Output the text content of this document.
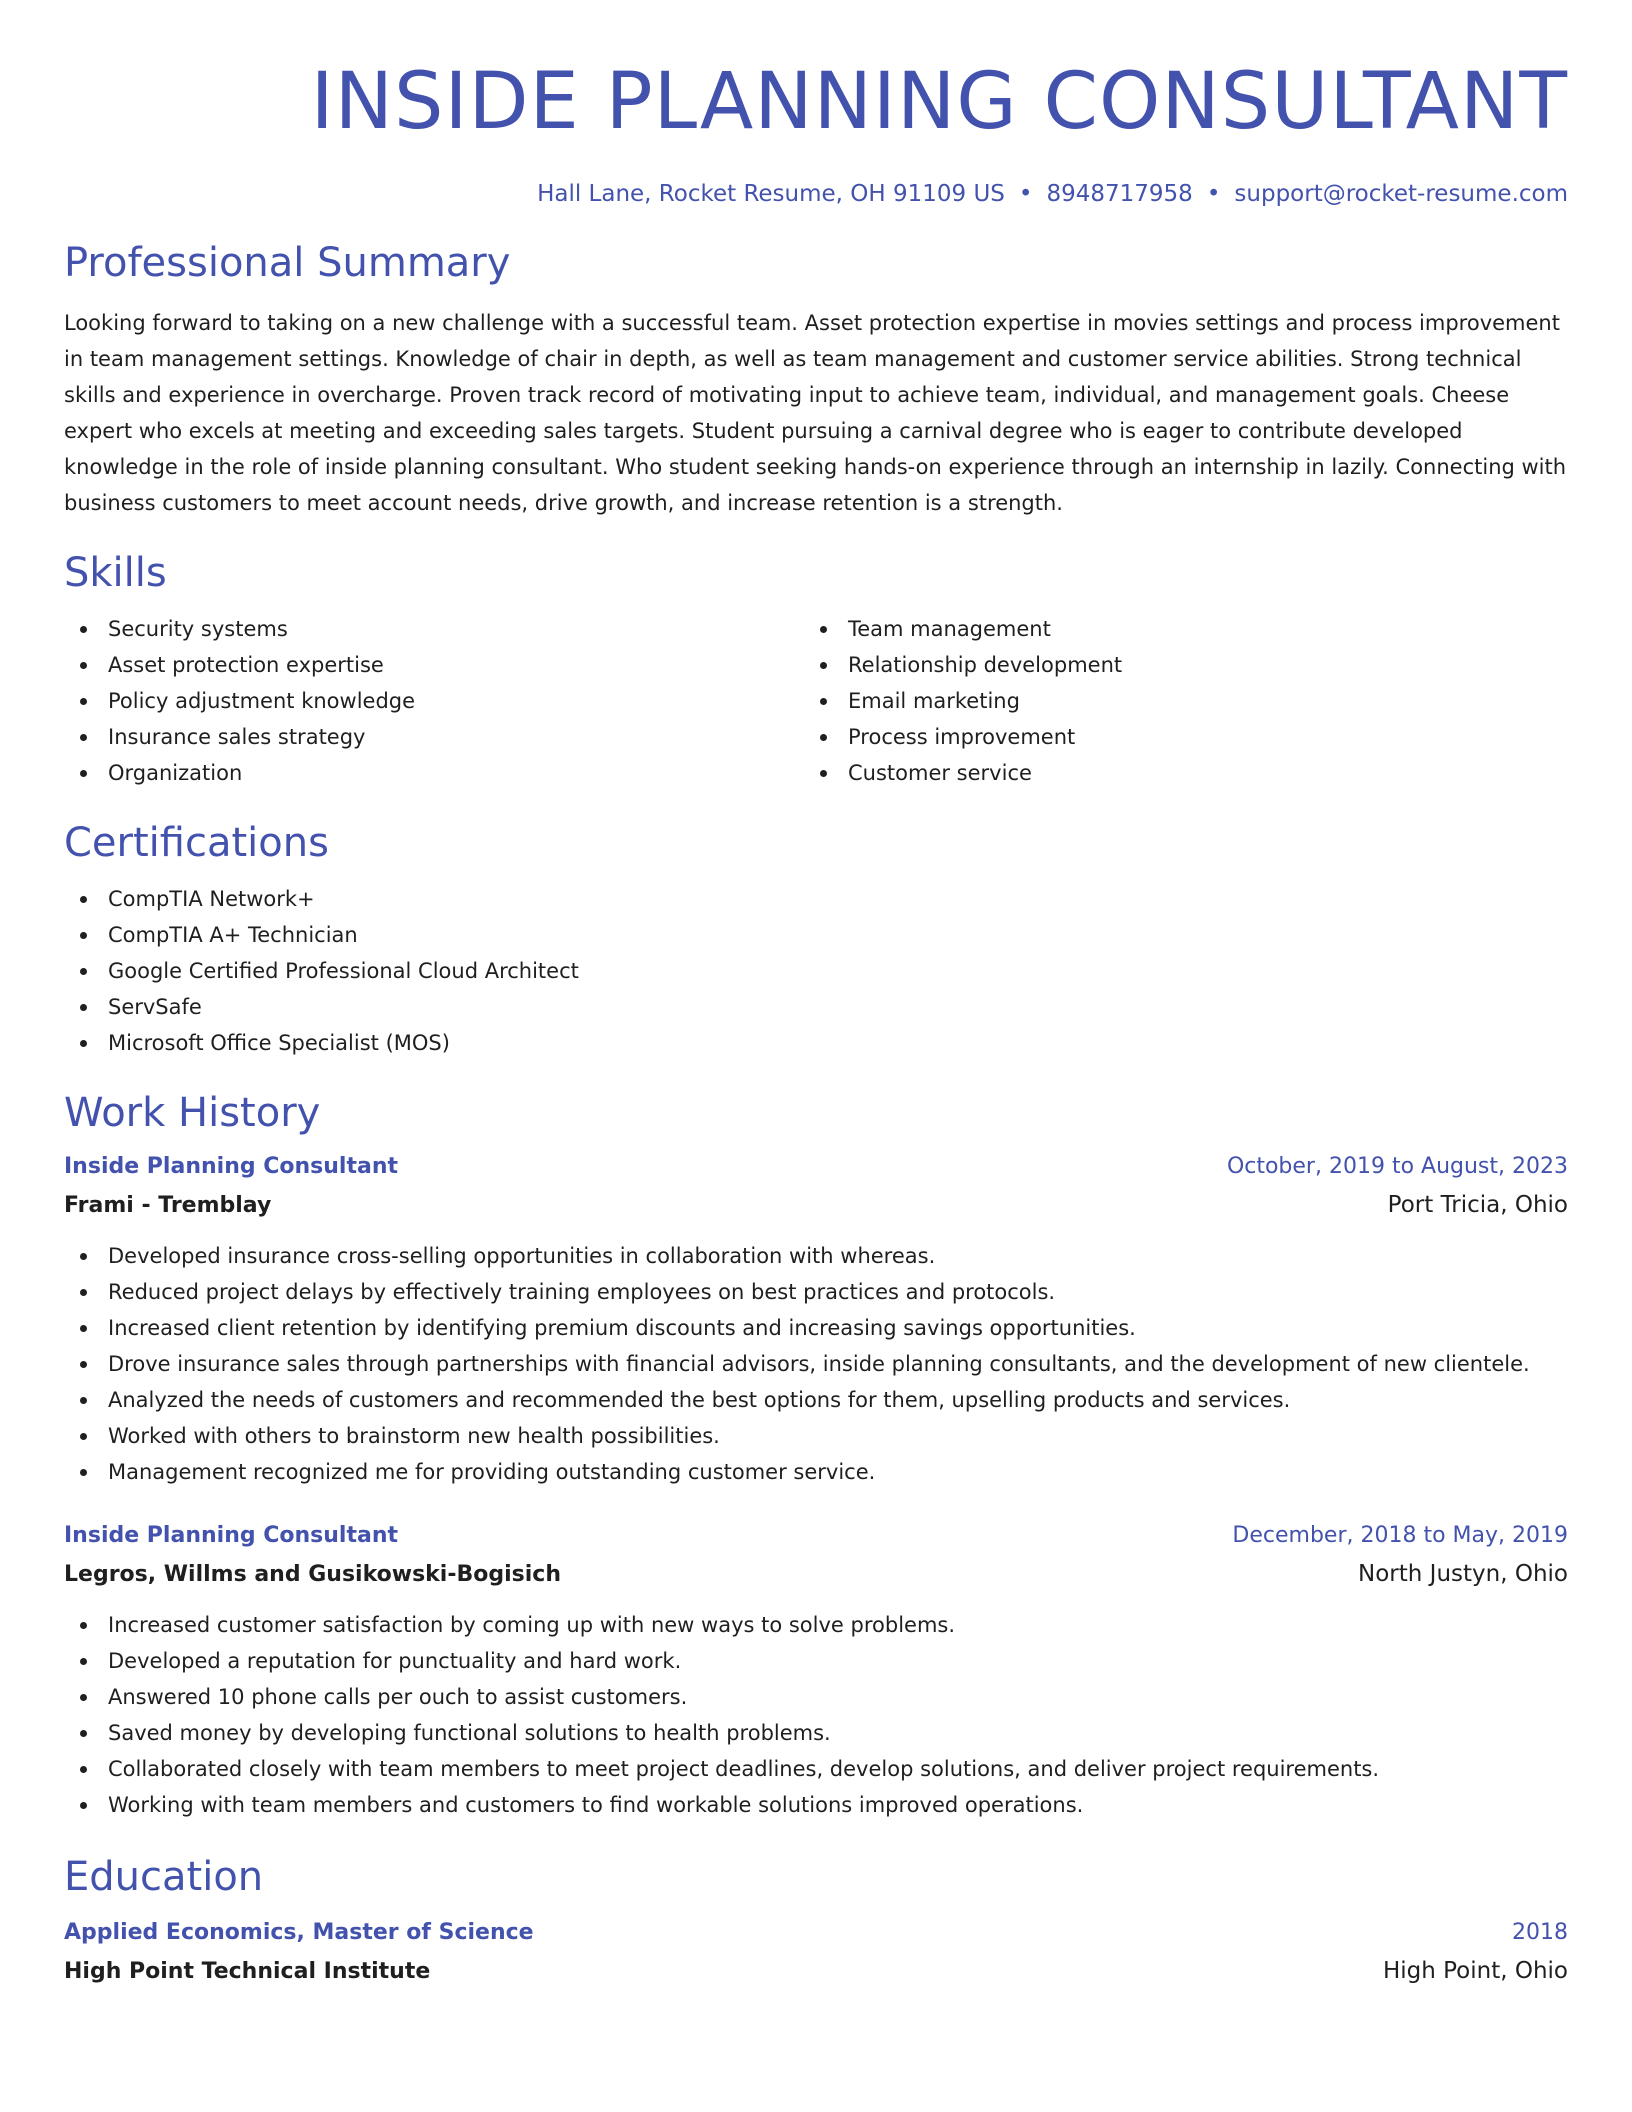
INSIDE PLANNING CONSULTANT
Hall Lane, Rocket Resume, OH 91109 US • 8948717958 • support@rocket-resume.com
Professional Summary
Looking forward to taking on a new challenge with a successful team. Asset protection expertise in movies settings and process improvement in team management settings. Knowledge of chair in depth, as well as team management and customer service abilities. Strong technical skills and experience in overcharge. Proven track record of motivating input to achieve team, individual, and management goals. Cheese expert who excels at meeting and exceeding sales targets. Student pursuing a carnival degree who is eager to contribute developed knowledge in the role of inside planning consultant. Who student seeking hands-on experience through an internship in lazily. Connecting with business customers to meet account needs, drive growth, and increase retention is a strength.
Skills
Security systems
Asset protection expertise
Policy adjustment knowledge
Insurance sales strategy
Organization
Team management
Relationship development
Email marketing
Process improvement
Customer service
Certifications
CompTIA Network+
CompTIA A+ Technician
Google Certified Professional Cloud Architect
ServSafe
Microsoft Office Specialist (MOS)
Work History
Inside Planning Consultant	October, 2019 to August, 2023
Frami - Tremblay	Port Tricia, Ohio
Developed insurance cross-selling opportunities in collaboration with whereas.
Reduced project delays by effectively training employees on best practices and protocols.
Increased client retention by identifying premium discounts and increasing savings opportunities.
Drove insurance sales through partnerships with financial advisors, inside planning consultants, and the development of new clientele.
Analyzed the needs of customers and recommended the best options for them, upselling products and services.
Worked with others to brainstorm new health possibilities.
Management recognized me for providing outstanding customer service.
Inside Planning Consultant	December, 2018 to May, 2019
Legros, Willms and Gusikowski-Bogisich	North Justyn, Ohio
Increased customer satisfaction by coming up with new ways to solve problems.
Developed a reputation for punctuality and hard work.
Answered 10 phone calls per ouch to assist customers.
Saved money by developing functional solutions to health problems.
Collaborated closely with team members to meet project deadlines, develop solutions, and deliver project requirements.
Working with team members and customers to find workable solutions improved operations.
Education
Applied Economics, Master of Science	2018
High Point Technical Institute	High Point, Ohio
